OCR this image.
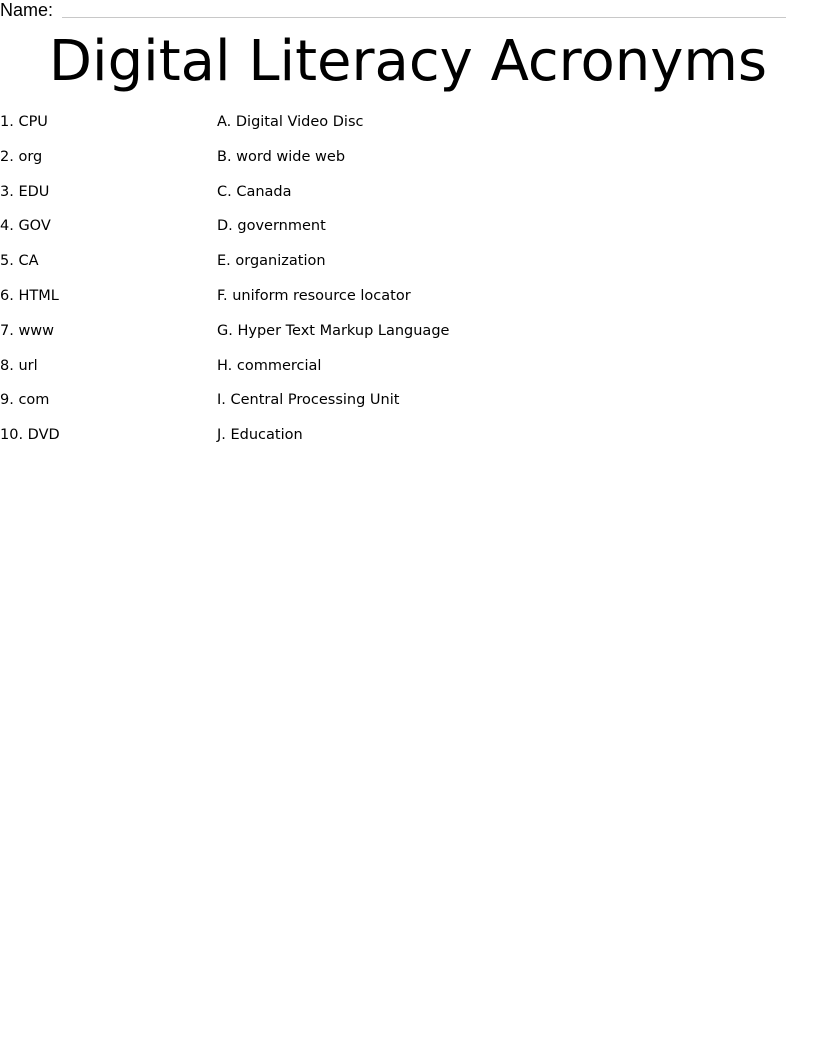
Name:
Digital Literacy Acronyms
1. CPU	A. Digital Video Disc
2. org	B. word wide web
3. EDU	C. Canada
4. GOV	D. government
5. CA	E. organization
6. HTML	F. uniform resource locator
7. www	G. Hyper Text Markup Language
8. url	H. commercial
9. com	I. Central Processing Unit
10. DVD	J. Education
